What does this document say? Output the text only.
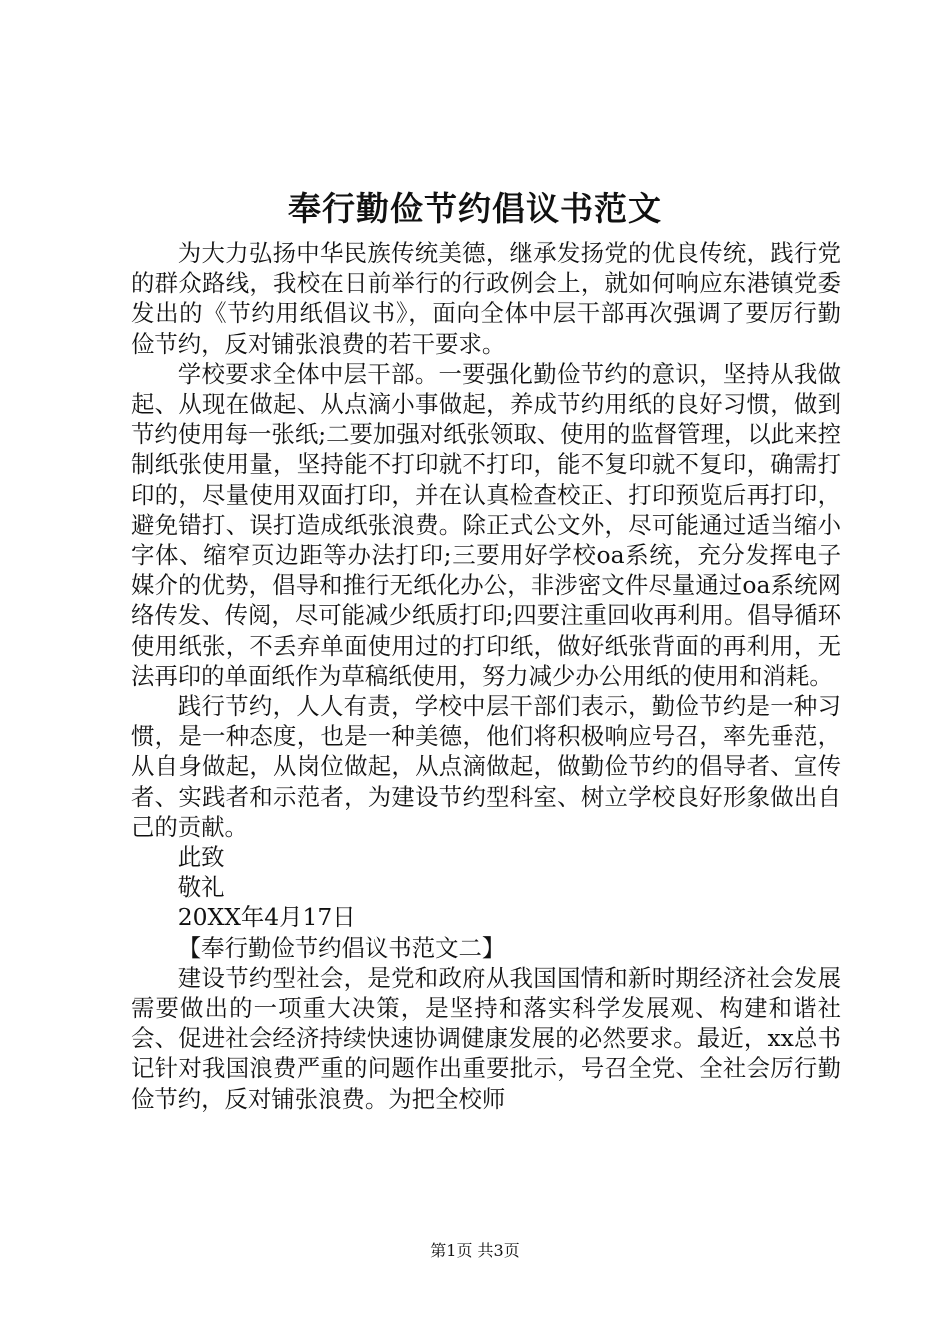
奉行勤俭节约倡议书范文

为大力弘扬中华民族传统美德，继承发扬党的优良传统，践行党的群众路线，我校在日前举行的行政例会上，就如何响应东港镇党委发出的《节约用纸倡议书》，面向全体中层干部再次强调了要厉行勤俭节约，反对铺张浪费的若干要求。

学校要求全体中层干部。一要强化勤俭节约的意识，坚持从我做起、从现在做起、从点滴小事做起，养成节约用纸的良好习惯，做到节约使用每一张纸;二要加强对纸张领取、使用的监督管理，以此来控制纸张使用量，坚持能不打印就不打印，能不复印就不复印，确需打印的，尽量使用双面打印，并在认真检查校正、打印预览后再打印，避免错打、误打造成纸张浪费。除正式公文外，尽可能通过适当缩小字体、缩窄页边距等办法打印;三要用好学校oa系统，充分发挥电子媒介的优势，倡导和推行无纸化办公，非涉密文件尽量通过oa系统网络传发、传阅，尽可能减少纸质打印;四要注重回收再利用。倡导循环使用纸张，不丢弃单面使用过的打印纸，做好纸张背面的再利用，无法再印的单面纸作为草稿纸使用，努力减少办公用纸的使用和消耗。

践行节约，人人有责，学校中层干部们表示，勤俭节约是一种习惯，是一种态度，也是一种美德，他们将积极响应号召，率先垂范，从自身做起，从岗位做起，从点滴做起，做勤俭节约的倡导者、宣传者、实践者和示范者，为建设节约型科室、树立学校良好形象做出自己的贡献。

此致

敬礼

20XX年4月17日

【奉行勤俭节约倡议书范文二】

建设节约型社会，是党和政府从我国国情和新时期经济社会发展需要做出的一项重大决策，是坚持和落实科学发展观、构建和谐社会、促进社会经济持续快速协调健康发展的必然要求。最近，xx总书记针对我国浪费严重的问题作出重要批示，号召全党、全社会厉行勤俭节约，反对铺张浪费。为把全校师

第1页 共3页
